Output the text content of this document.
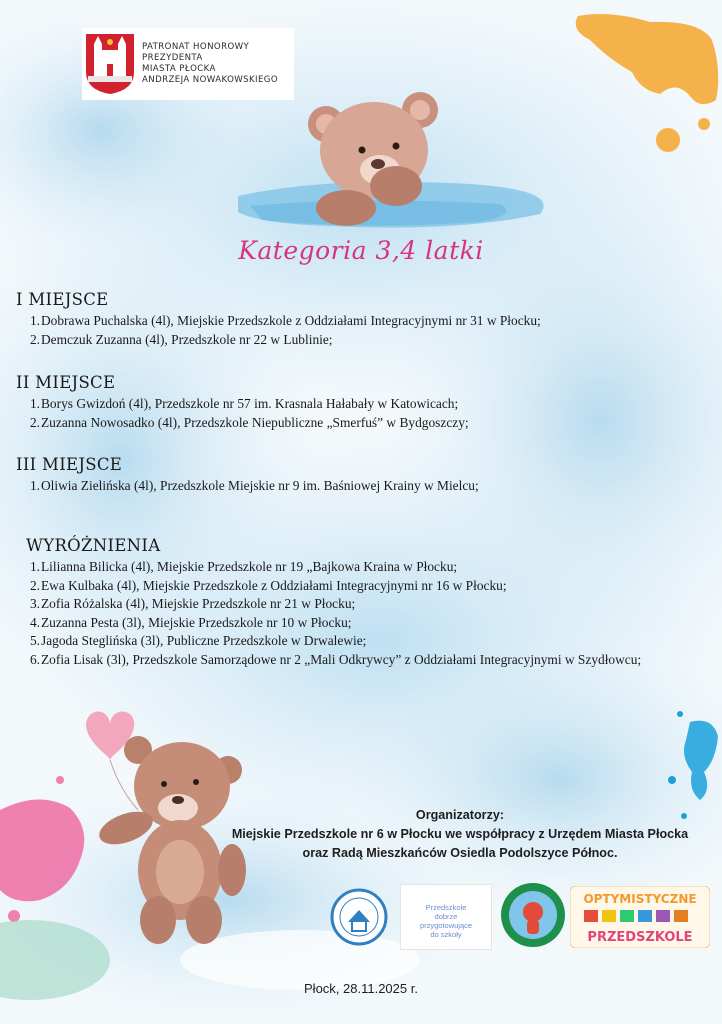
PATRONAT HONOROWY
PREZYDENTA
MIASTA PŁOCKA
ANDRZEJA NOWAKOWSKIEGO
Kategoria 3,4 latki
I MIEJSCE
1. Dobrawa Puchalska (4l), Miejskie Przedszkole z Oddziałami Integracyjnymi nr 31 w Płocku;
2. Demczuk Zuzanna (4l), Przedszkole nr 22 w Lublinie;
II MIEJSCE
1. Borys Gwizdoń (4l), Przedszkole nr 57 im. Krasnala Hałabały w Katowicach;
2. Zuzanna Nowosadko (4l), Przedszkole Niepubliczne „Smerfuś” w Bydgoszczy;
III MIEJSCE
1. Oliwia Zielińska (4l), Przedszkole Miejskie nr 9 im. Baśniowej Krainy w Mielcu;
WYRÓŻNIENIA
1. Lilianna Bilicka (4l), Miejskie Przedszkole nr 19 „Bajkowa Kraina w Płocku;
2. Ewa Kulbaka (4l), Miejskie Przedszkole z Oddziałami Integracyjnymi nr 16 w Płocku;
3. Zofia Różalska (4l), Miejskie Przedszkole nr 21 w Płocku;
4. Zuzanna Pesta (3l), Miejskie Przedszkole nr 10 w Płocku;
5. Jagoda Steglińska (3l), Publiczne Przedszkole w Drwalewie;
6. Zofia Lisak (3l), Przedszkole Samorządowe nr 2 „Mali Odkrywcy” z Oddziałami Integracyjnymi w Szydłowcu;
Organizatorzy:
Miejskie Przedszkole nr 6 w Płocku we współpracy z Urzędem Miasta Płocka
oraz Radą Mieszkańców Osiedla Podolszyce Północ.
Przedszkole
dobrze
przygotowujące
do szkoły
OPTYMISTYCZNE
PRZEDSZKOLE
Płock, 28.11.2025 r.
